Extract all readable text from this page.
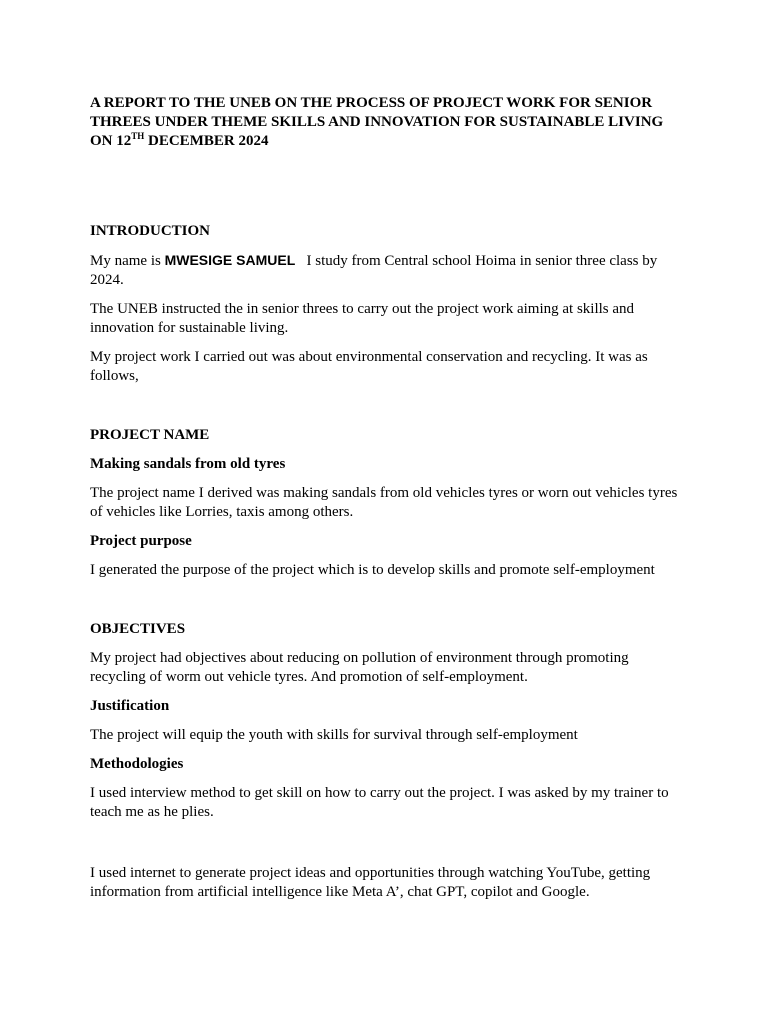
A REPORT TO THE UNEB ON THE PROCESS OF PROJECT WORK FOR SENIOR THREES UNDER THEME SKILLS AND INNOVATION FOR SUSTAINABLE LIVING ON 12TH DECEMBER 2024

INTRODUCTION

My name is MWESIGE SAMUEL   I study from Central school Hoima in senior three class by 2024.

The UNEB instructed the in senior threes to carry out the project work aiming at skills and innovation for sustainable living.

My project work I carried out was about environmental conservation and recycling. It was as follows,

PROJECT NAME

Making sandals from old tyres

The project name I derived was making sandals from old vehicles tyres or worn out vehicles tyres of vehicles like Lorries, taxis among others.

Project purpose

I generated the purpose of the project which is to develop skills and promote self-employment

OBJECTIVES

My project had objectives about reducing on pollution of environment through promoting recycling of worm out vehicle tyres. And promotion of self-employment.

Justification

The project will equip the youth with skills for survival through self-employment

Methodologies

I used interview method to get skill on how to carry out the project. I was asked by my trainer to teach me as he plies.

I used internet to generate project ideas and opportunities through watching YouTube, getting information from artificial intelligence like Meta A’, chat GPT, copilot and Google.
